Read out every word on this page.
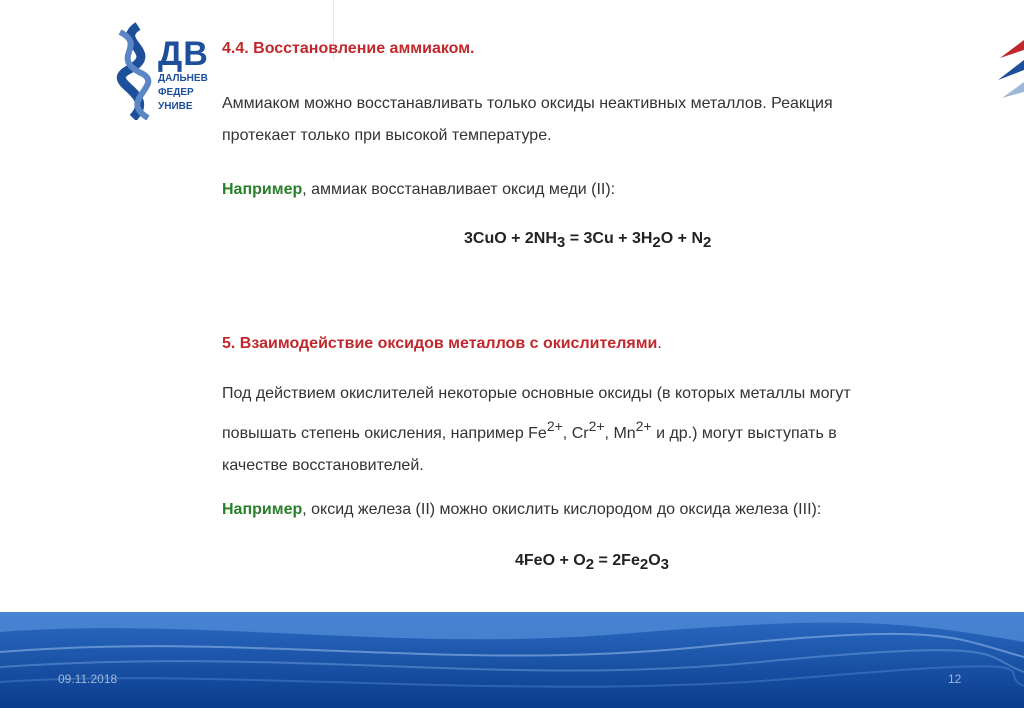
ДВ
ДАЛЬНЕВ
ФЕДЕР
УНИВЕ
4.4. Восстановление аммиаком.
Аммиаком можно восстанавливать только оксиды неактивных металлов. Реакция
протекает только при высокой температуре.
Например, аммиак восстанавливает оксид меди (II):
$3CuO + 2NH_3 = 3Cu + 3H_2O + N_2$
5. Взаимодействие оксидов металлов с окислителями.
Под действием окислителей некоторые основные оксиды (в которых металлы могут
повышать степень окисления, например $Fe^{2+}$, $Cr^{2+}$, $Mn^{2+}$ и др.) могут выступать в
качестве восстановителей.
Например, оксид железа (II) можно окислить кислородом до оксида железа (III):
$4FeO + O_2 = 2Fe_2O_3$
09.11.2018	12
